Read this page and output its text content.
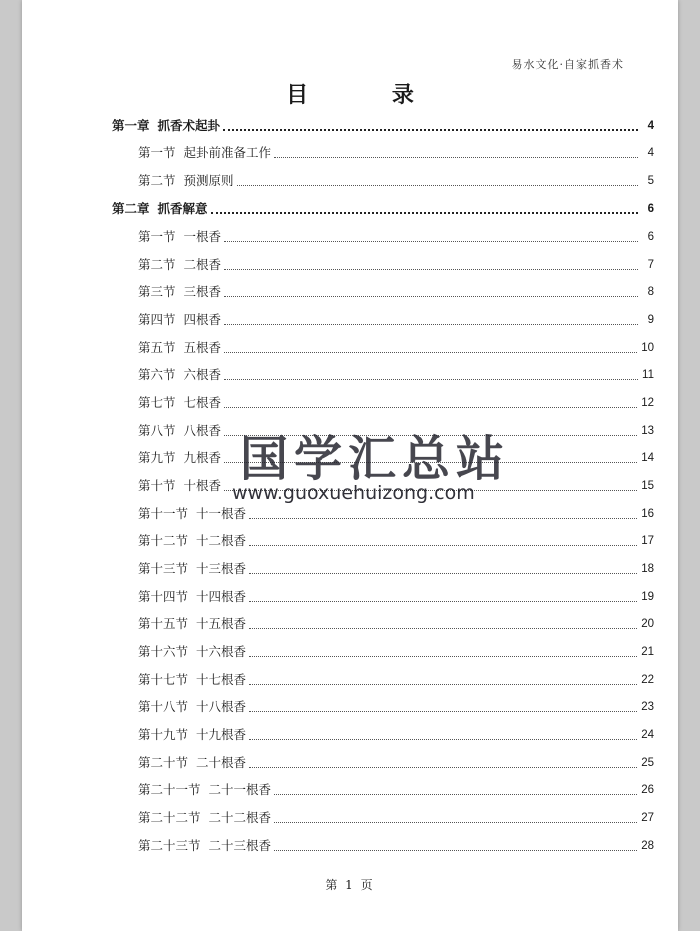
易水文化·自家抓香术
目 录
第一章 抓香术起卦	4
第一节 起卦前准备工作	4
第二节 预测原则	5
第二章 抓香解意	6
第一节 一根香	6
第二节 二根香	7
第三节 三根香	8
第四节 四根香	9
第五节 五根香	10
第六节 六根香	11
第七节 七根香	12
第八节 八根香	13
第九节 九根香	14
第十节 十根香	15
第十一节 十一根香	16
第十二节 十二根香	17
第十三节 十三根香	18
第十四节 十四根香	19
第十五节 十五根香	20
第十六节 十六根香	21
第十七节 十七根香	22
第十八节 十八根香	23
第十九节 十九根香	24
第二十节 二十根香	25
第二十一节 二十一根香	26
第二十二节 二十二根香	27
第二十三节 二十三根香	28
第 1 页
国学汇总站
www.guoxuehuizong.com
